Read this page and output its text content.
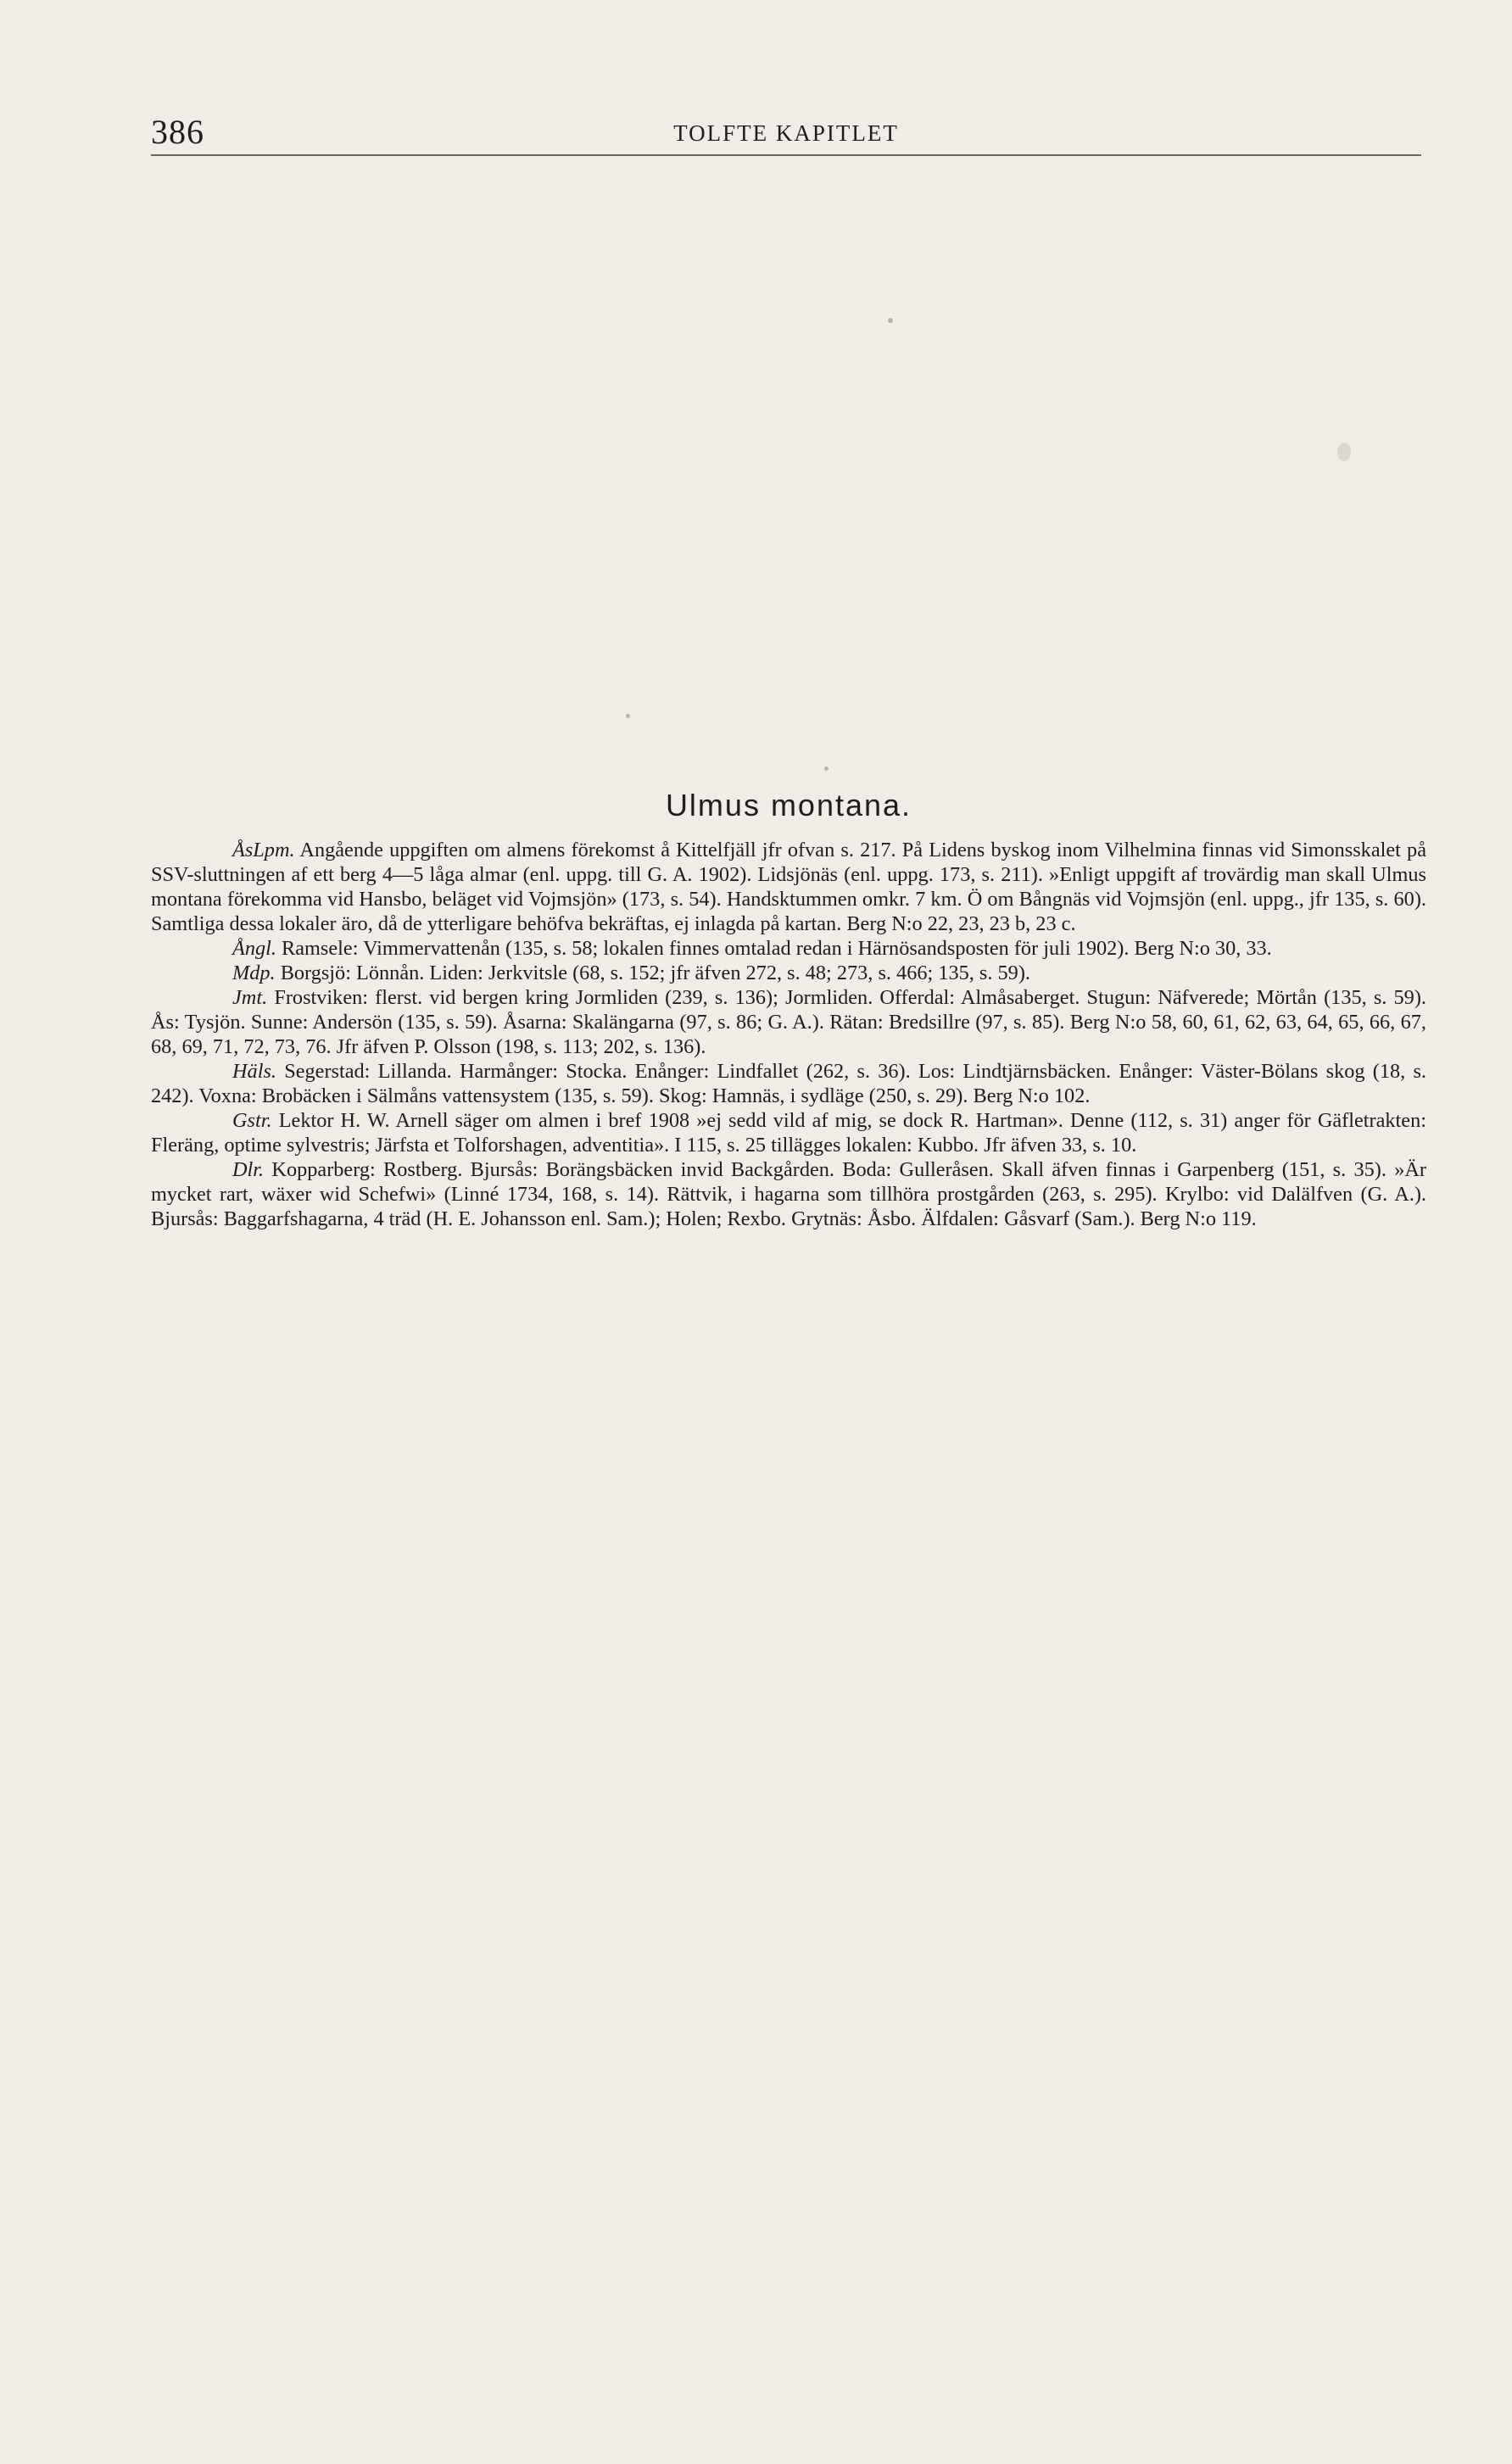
386	TOLFTE KAPITLET
Ulmus montana.

ÅsLpm. Angående uppgiften om almens förekomst å Kittelfjäll jfr ofvan s. 217. På Lidens byskog inom Vilhelmina finnas vid Simonsskalet på SSV-sluttningen af ett berg 4—5 låga almar (enl. uppg. till G. A. 1902). Lidsjönäs (enl. uppg. 173, s. 211). »Enligt uppgift af trovärdig man skall Ulmus montana förekomma vid Hansbo, beläget vid Vojmsjön» (173, s. 54). Handsktummen omkr. 7 km. Ö om Bångnäs vid Vojmsjön (enl. uppg., jfr 135, s. 60). Samtliga dessa lokaler äro, då de ytterligare behöfva bekräftas, ej inlagda på kartan. Berg N:o 22, 23, 23 b, 23 c.

Ångl. Ramsele: Vimmervattenån (135, s. 58; lokalen finnes omtalad redan i Härnösandsposten för juli 1902). Berg N:o 30, 33.

Mdp. Borgsjö: Lönnån. Liden: Jerkvitsle (68, s. 152; jfr äfven 272, s. 48; 273, s. 466; 135, s. 59).

Jmt. Frostviken: flerst. vid bergen kring Jormliden (239, s. 136); Jormliden. Offerdal: Almåsaberget. Stugun: Näfverede; Mörtån (135, s. 59). Ås: Tysjön. Sunne: Andersön (135, s. 59). Åsarna: Skalängarna (97, s. 86; G. A.). Rätan: Bredsillre (97, s. 85). Berg N:o 58, 60, 61, 62, 63, 64, 65, 66, 67, 68, 69, 71, 72, 73, 76. Jfr äfven P. Olsson (198, s. 113; 202, s. 136).

Häls. Segerstad: Lillanda. Harmånger: Stocka. Enånger: Lindfallet (262, s. 36). Los: Lindtjärnsbäcken. Enånger: Väster-Bölans skog (18, s. 242). Voxna: Brobäcken i Sälmåns vattensystem (135, s. 59). Skog: Hamnäs, i sydläge (250, s. 29). Berg N:o 102.

Gstr. Lektor H. W. Arnell säger om almen i bref 1908 »ej sedd vild af mig, se dock R. Hartman». Denne (112, s. 31) anger för Gäfletrakten: Fleräng, optime sylvestris; Järfsta et Tolforshagen, adventitia». I 115, s. 25 tillägges lokalen: Kubbo. Jfr äfven 33, s. 10.

Dlr. Kopparberg: Rostberg. Bjursås: Borängsbäcken invid Backgården. Boda: Gulleråsen. Skall äfven finnas i Garpenberg (151, s. 35). »Är mycket rart, wäxer wid Schefwi» (Linné 1734, 168, s. 14). Rättvik, i hagarna som tillhöra prostgården (263, s. 295). Krylbo: vid Dalälfven (G. A.). Bjursås: Baggarfshagarna, 4 träd (H. E. Johansson enl. Sam.); Holen; Rexbo. Grytnäs: Åsbo. Älfdalen: Gåsvarf (Sam.). Berg N:o 119.
